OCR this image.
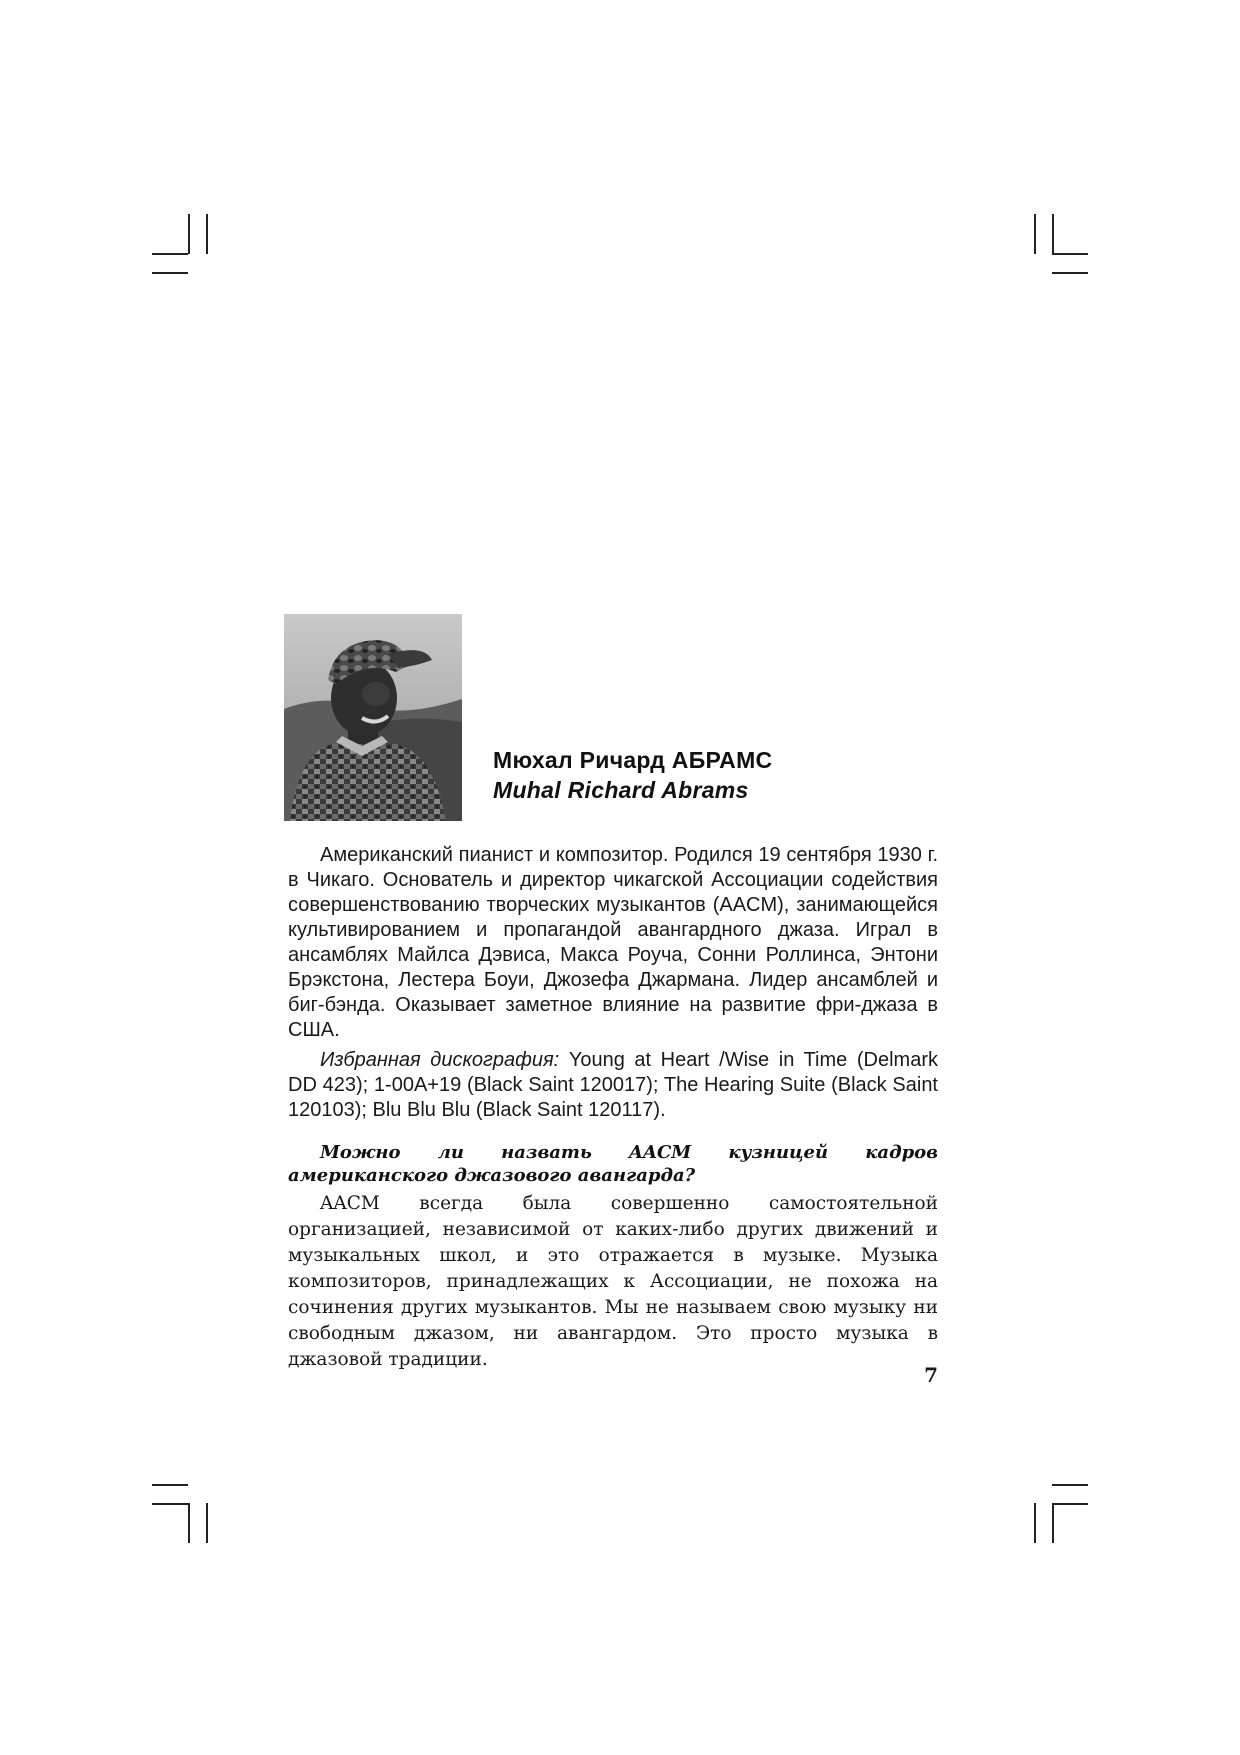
Мюхал Ричард АБРАМС
Muhal Richard Abrams

Американский пианист и композитор. Родился 19 сентября 1930 г. в Чикаго. Основатель и директор чикагской Ассоциации содействия совершенствованию творческих музыкантов (AACM), занимающейся культивированием и пропагандой авангардного джаза. Играл в ансамблях Майлса Дэвиса, Макса Роуча, Сонни Роллинса, Энтони Брэкстона, Лестера Боуи, Джозефа Джармана. Лидер ансамблей и биг-бэнда. Оказывает заметное влияние на развитие фри-джаза в США.

Избранная дискография: Young at Heart /Wise in Time (Delmark DD 423); 1-00A+19 (Black Saint 120017); The Hearing Suite (Black Saint 120103); Blu Blu Blu (Black Saint 120117).

Можно ли назвать AACM кузницей кадров американского джазового авангарда?
AACM всегда была совершенно самостоятельной организацией, независимой от каких-либо других движений и музыкальных школ, и это отражается в музыке. Музыка композиторов, принадлежащих к Ассоциации, не похожа на сочинения других музыкантов. Мы не называем свою музыку ни свободным джазом, ни авангардом. Это просто музыка в джазовой традиции.
7
